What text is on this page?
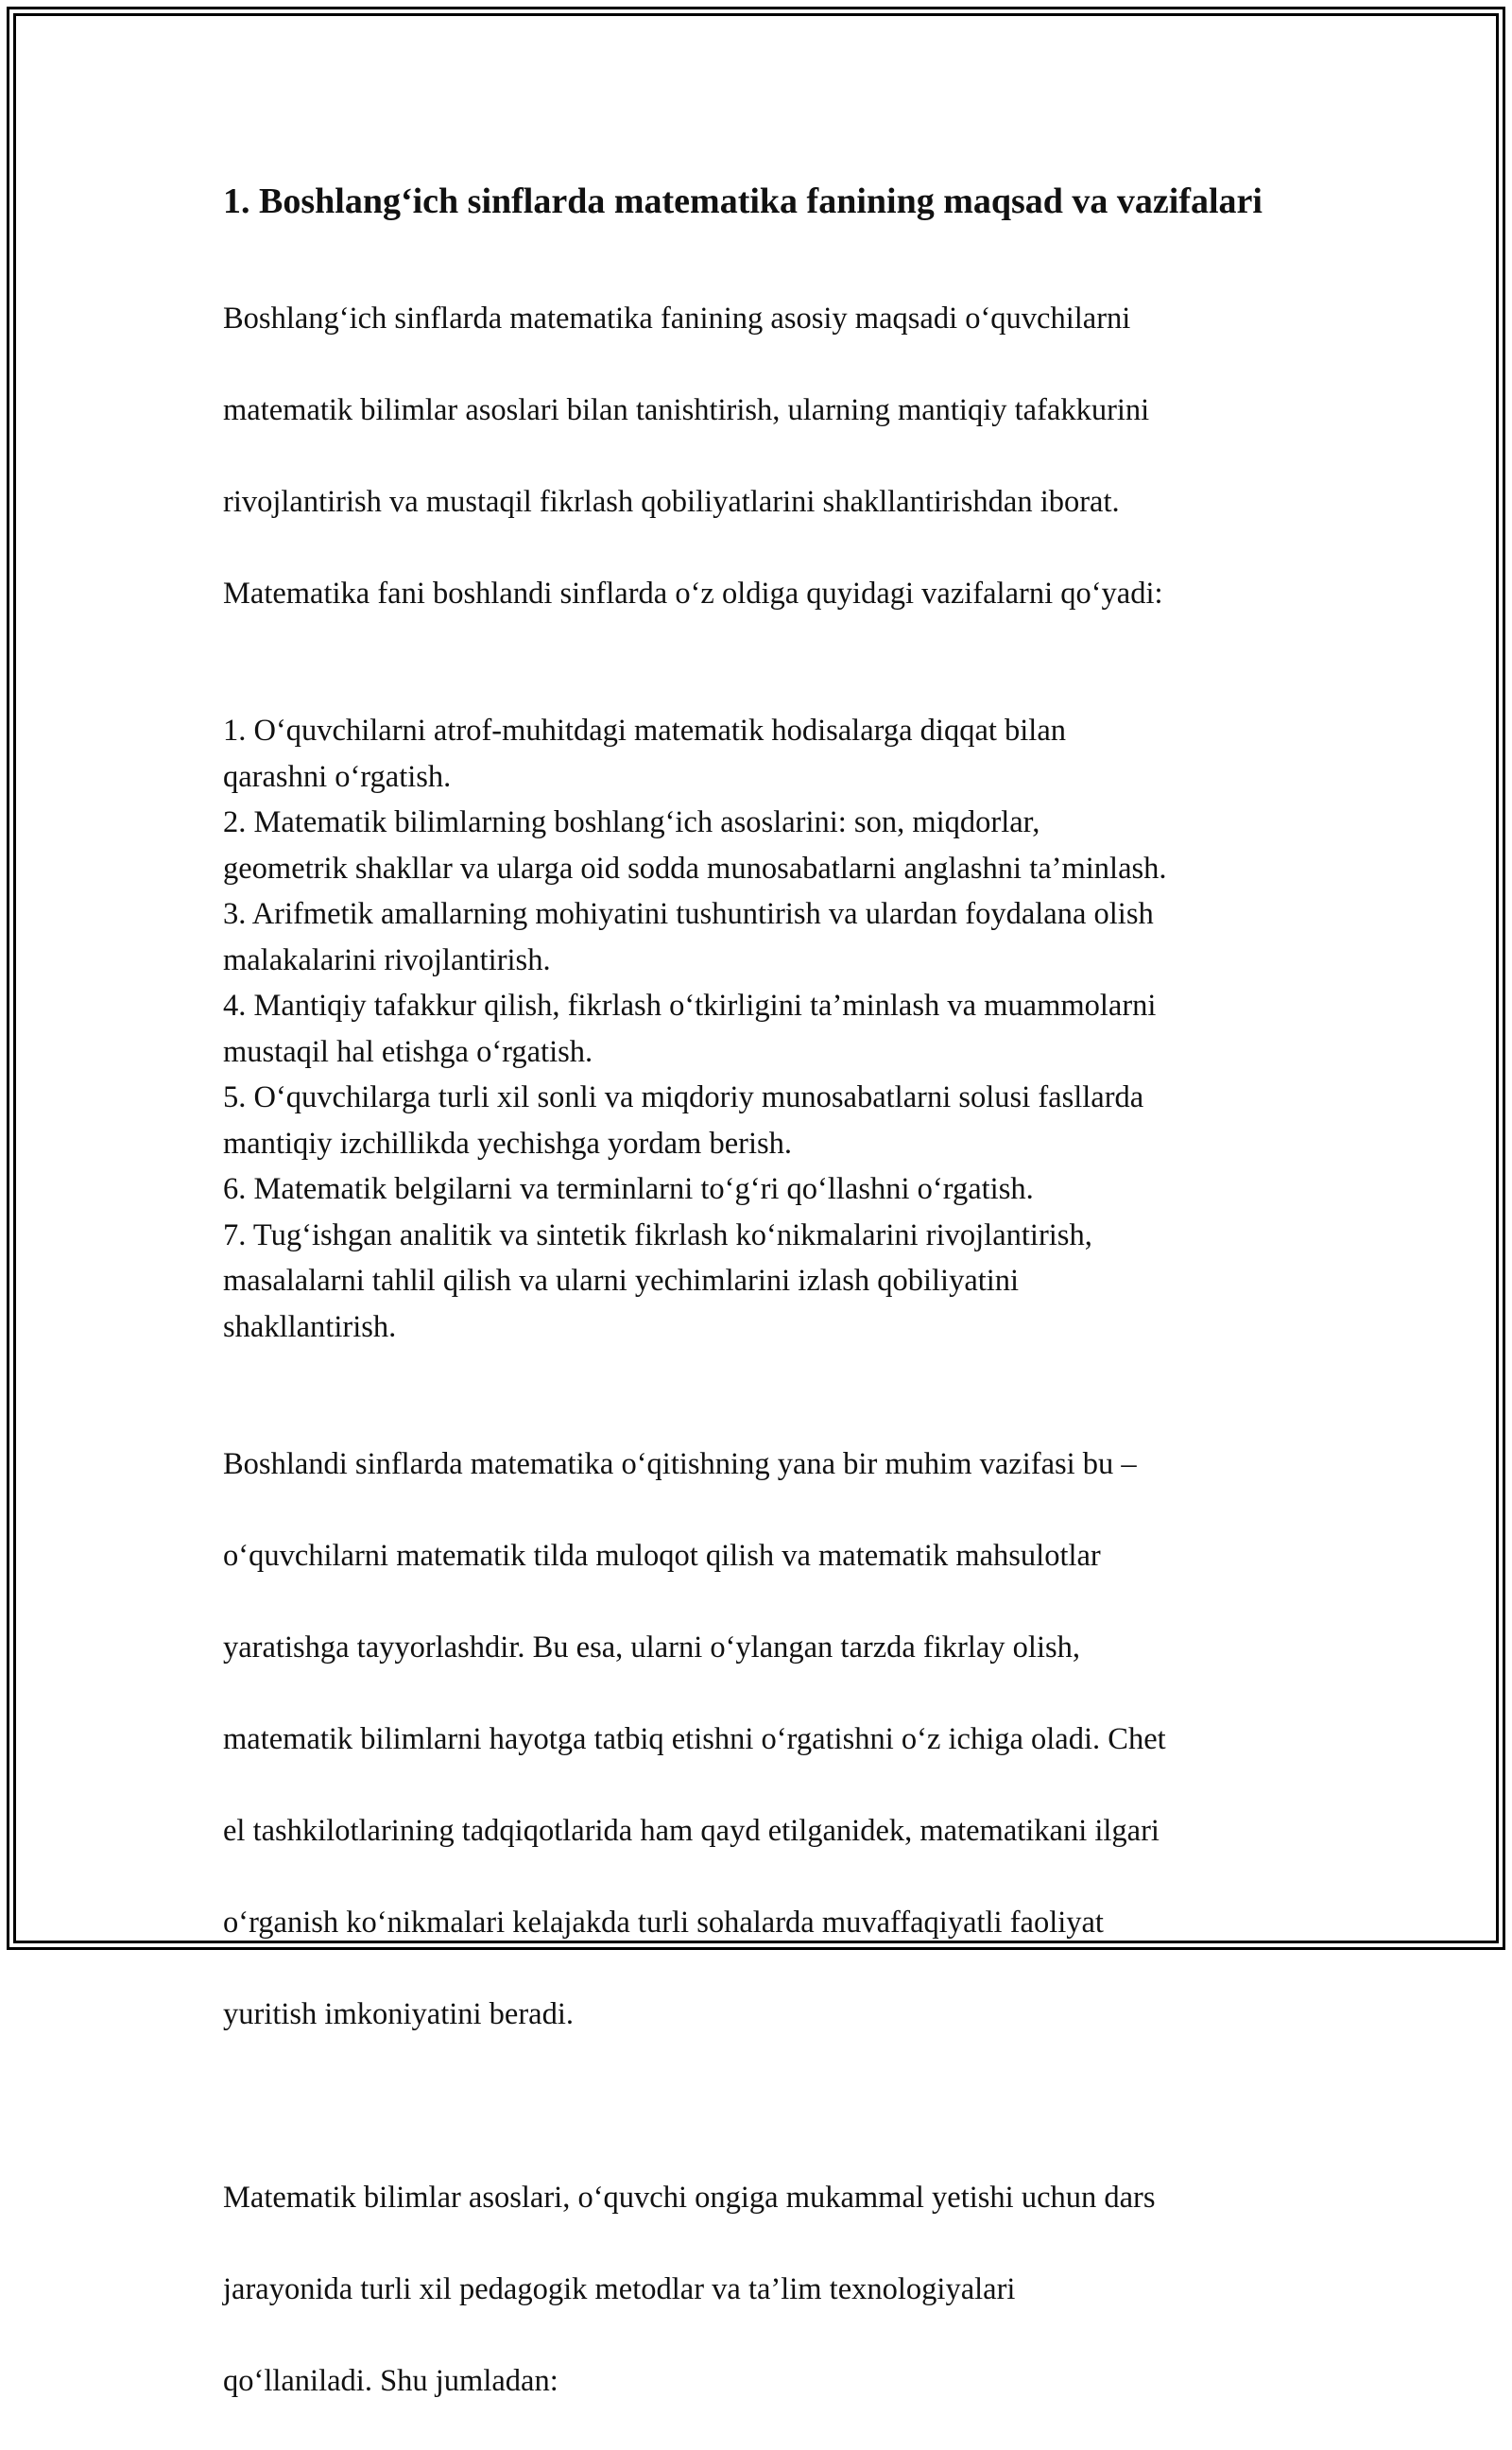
1. Boshlang‘ich sinflarda matematika fanining maqsad va vazifalari

Boshlang‘ich sinflarda matematika fanining asosiy maqsadi o‘quvchilarni

matematik bilimlar asoslari bilan tanishtirish, ularning mantiqiy tafakkurini

rivojlantirish va mustaqil fikrlash qobiliyatlarini shakllantirishdan iborat.

Matematika fani boshlandi sinflarda o‘z oldiga quyidagi vazifalarni qo‘yadi:

1. O‘quvchilarni atrof-muhitdagi matematik hodisalarga diqqat bilan
qarashni o‘rgatish.
2. Matematik bilimlarning boshlang‘ich asoslarini: son, miqdorlar,
geometrik shakllar va ularga oid sodda munosabatlarni anglashni ta’minlash.
3. Arifmetik amallarning mohiyatini tushuntirish va ulardan foydalana olish
malakalarini rivojlantirish.
4. Mantiqiy tafakkur qilish, fikrlash o‘tkirligini ta’minlash va muammolarni
mustaqil hal etishga o‘rgatish.
5. O‘quvchilarga turli xil sonli va miqdoriy munosabatlarni solusi fasllarda
mantiqiy izchillikda yechishga yordam berish.
6. Matematik belgilarni va terminlarni to‘g‘ri qo‘llashni o‘rgatish.
7. Tug‘ishgan analitik va sintetik fikrlash ko‘nikmalarini rivojlantirish,
masalalarni tahlil qilish va ularni yechimlarini izlash qobiliyatini
shakllantirish.

Boshlandi sinflarda matematika o‘qitishning yana bir muhim vazifasi bu –

o‘quvchilarni matematik tilda muloqot qilish va matematik mahsulotlar

yaratishga tayyorlashdir. Bu esa, ularni o‘ylangan tarzda fikrlay olish,

matematik bilimlarni hayotga tatbiq etishni o‘rgatishni o‘z ichiga oladi. Chet

el tashkilotlarining tadqiqotlarida ham qayd etilganidek, matematikani ilgari

o‘rganish ko‘nikmalari kelajakda turli sohalarda muvaffaqiyatli faoliyat

yuritish imkoniyatini beradi.

Matematik bilimlar asoslari, o‘quvchi ongiga mukammal yetishi uchun dars

jarayonida turli xil pedagogik metodlar va ta’lim texnologiyalari

qo‘llaniladi. Shu jumladan:
